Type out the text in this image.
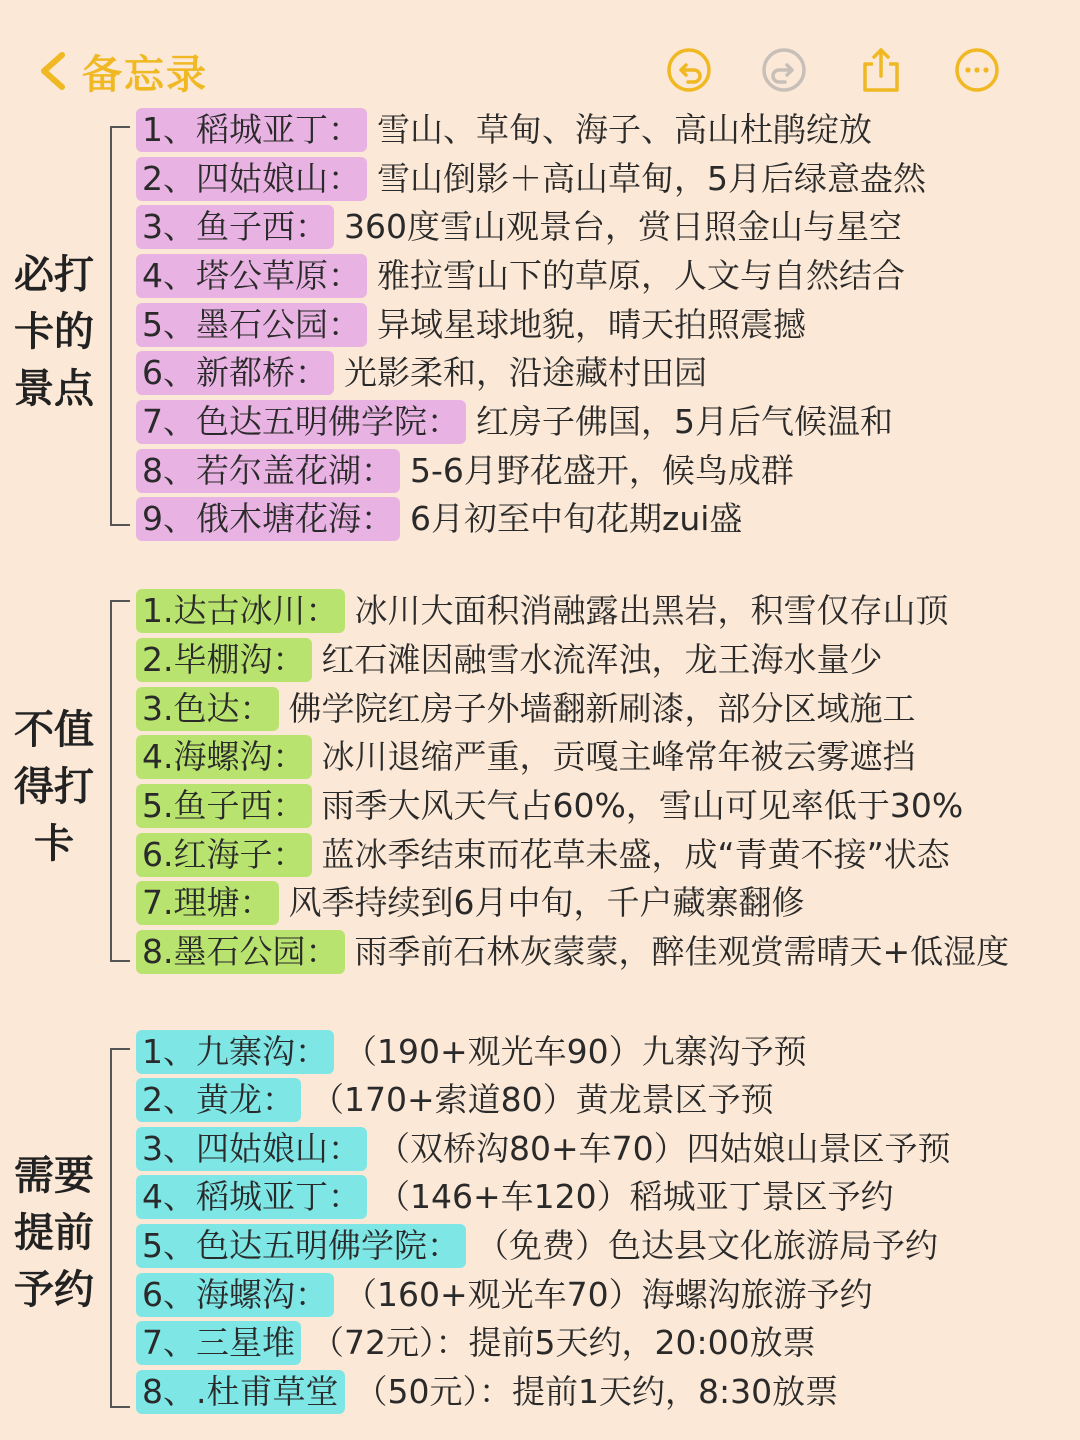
备忘录
必打
卡的
景点
1、稻城亚丁： 雪山、草甸、海子、高山杜鹃绽放
2、四姑娘山： 雪山倒影＋高山草甸，5月后绿意盎然
3、鱼子西： 360度雪山观景台，赏日照金山与星空
4、塔公草原： 雅拉雪山下的草原，人文与自然结合
5、墨石公园： 异域星球地貌，晴天拍照震撼
6、新都桥： 光影柔和，沿途藏村田园
7、色达五明佛学院： 红房子佛国，5月后气候温和
8、若尔盖花湖： 5-6月野花盛开，候鸟成群
9、俄木塘花海： 6月初至中旬花期zui盛
不值
得打
卡
1.达古冰川： 冰川大面积消融露出黑岩，积雪仅存山顶
2.毕棚沟： 红石滩因融雪水流浑浊，龙王海水量少
3.色达： 佛学院红房子外墙翻新刷漆，部分区域施工
4.海螺沟： 冰川退缩严重，贡嘎主峰常年被云雾遮挡
5.鱼子西： 雨季大风天气占60%，雪山可见率低于30%
6.红海子： 蓝冰季结束而花草未盛，成“青黄不接”状态
7.理塘： 风季持续到6月中旬，千户藏寨翻修
8.墨石公园： 雨季前石林灰蒙蒙，醉佳观赏需晴天+低湿度
需要
提前
予约
1、九寨沟： （190+观光车90）九寨沟予预
2、黄龙： （170+索道80）黄龙景区予预
3、四姑娘山： （双桥沟80+车70）四姑娘山景区予预
4、稻城亚丁： （146+车120）稻城亚丁景区予约
5、色达五明佛学院： （免费）色达县文化旅游局予约
6、海螺沟： （160+观光车70）海螺沟旅游予约
7、三星堆 （72元）：提前5天约，20:00放票
8、.杜甫草堂 （50元）：提前1天约，8:30放票
